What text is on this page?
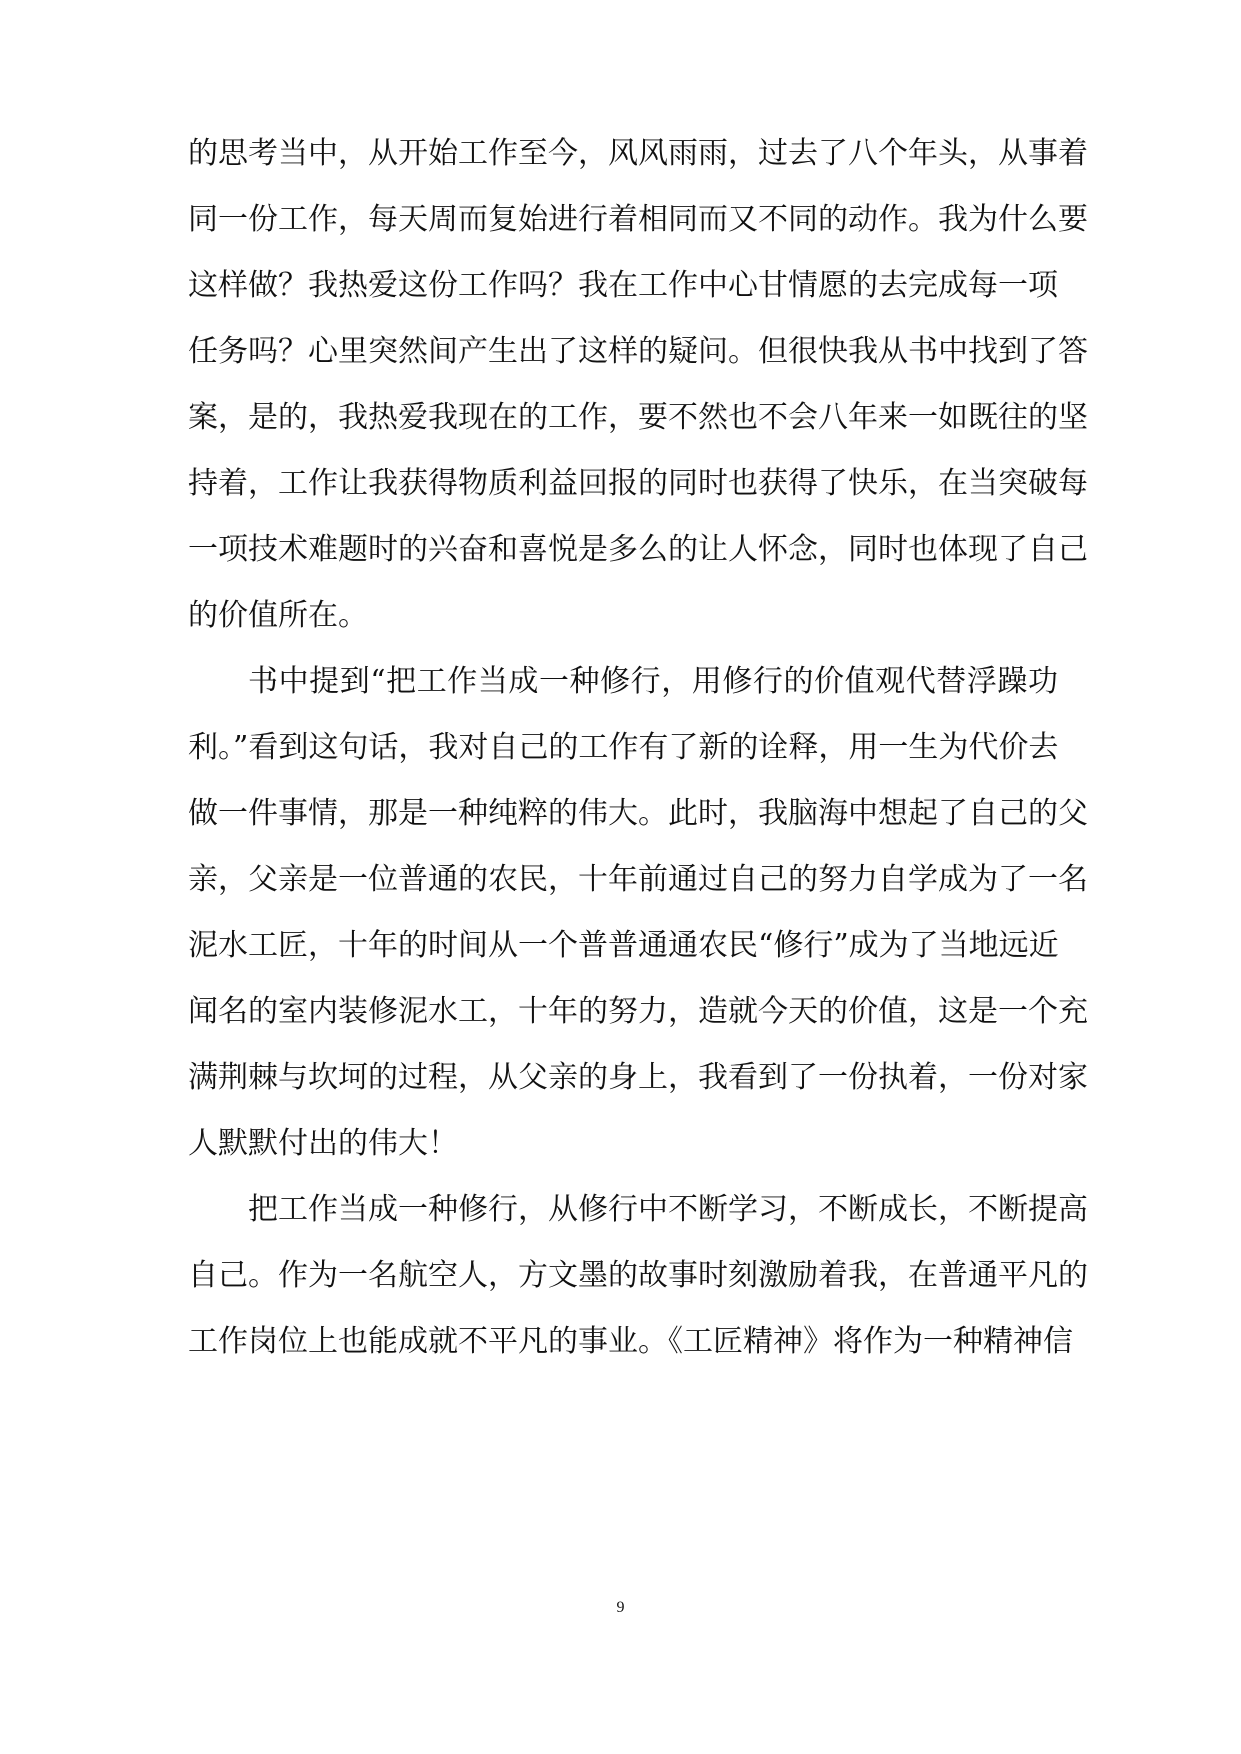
的思考当中，从开始工作至今，风风雨雨，过去了八个年头，从事着
同一份工作，每天周而复始进行着相同而又不同的动作。我为什么要
这样做？我热爱这份工作吗？我在工作中心甘情愿的去完成每一项
任务吗？心里突然间产生出了这样的疑问。但很快我从书中找到了答
案，是的，我热爱我现在的工作，要不然也不会八年来一如既往的坚
持着，工作让我获得物质利益回报的同时也获得了快乐，在当突破每
一项技术难题时的兴奋和喜悦是多么的让人怀念，同时也体现了自己
的价值所在。
书中提到“把工作当成一种修行，用修行的价值观代替浮躁功
利。”看到这句话，我对自己的工作有了新的诠释，用一生为代价去
做一件事情，那是一种纯粹的伟大。此时，我脑海中想起了自己的父
亲，父亲是一位普通的农民，十年前通过自己的努力自学成为了一名
泥水工匠，十年的时间从一个普普通通农民“修行”成为了当地远近
闻名的室内装修泥水工，十年的努力，造就今天的价值，这是一个充
满荆棘与坎坷的过程，从父亲的身上，我看到了一份执着，一份对家
人默默付出的伟大！
把工作当成一种修行，从修行中不断学习，不断成长，不断提高
自己。作为一名航空人，方文墨的故事时刻激励着我，在普通平凡的
工作岗位上也能成就不平凡的事业。《工匠精神》将作为一种精神信
9
